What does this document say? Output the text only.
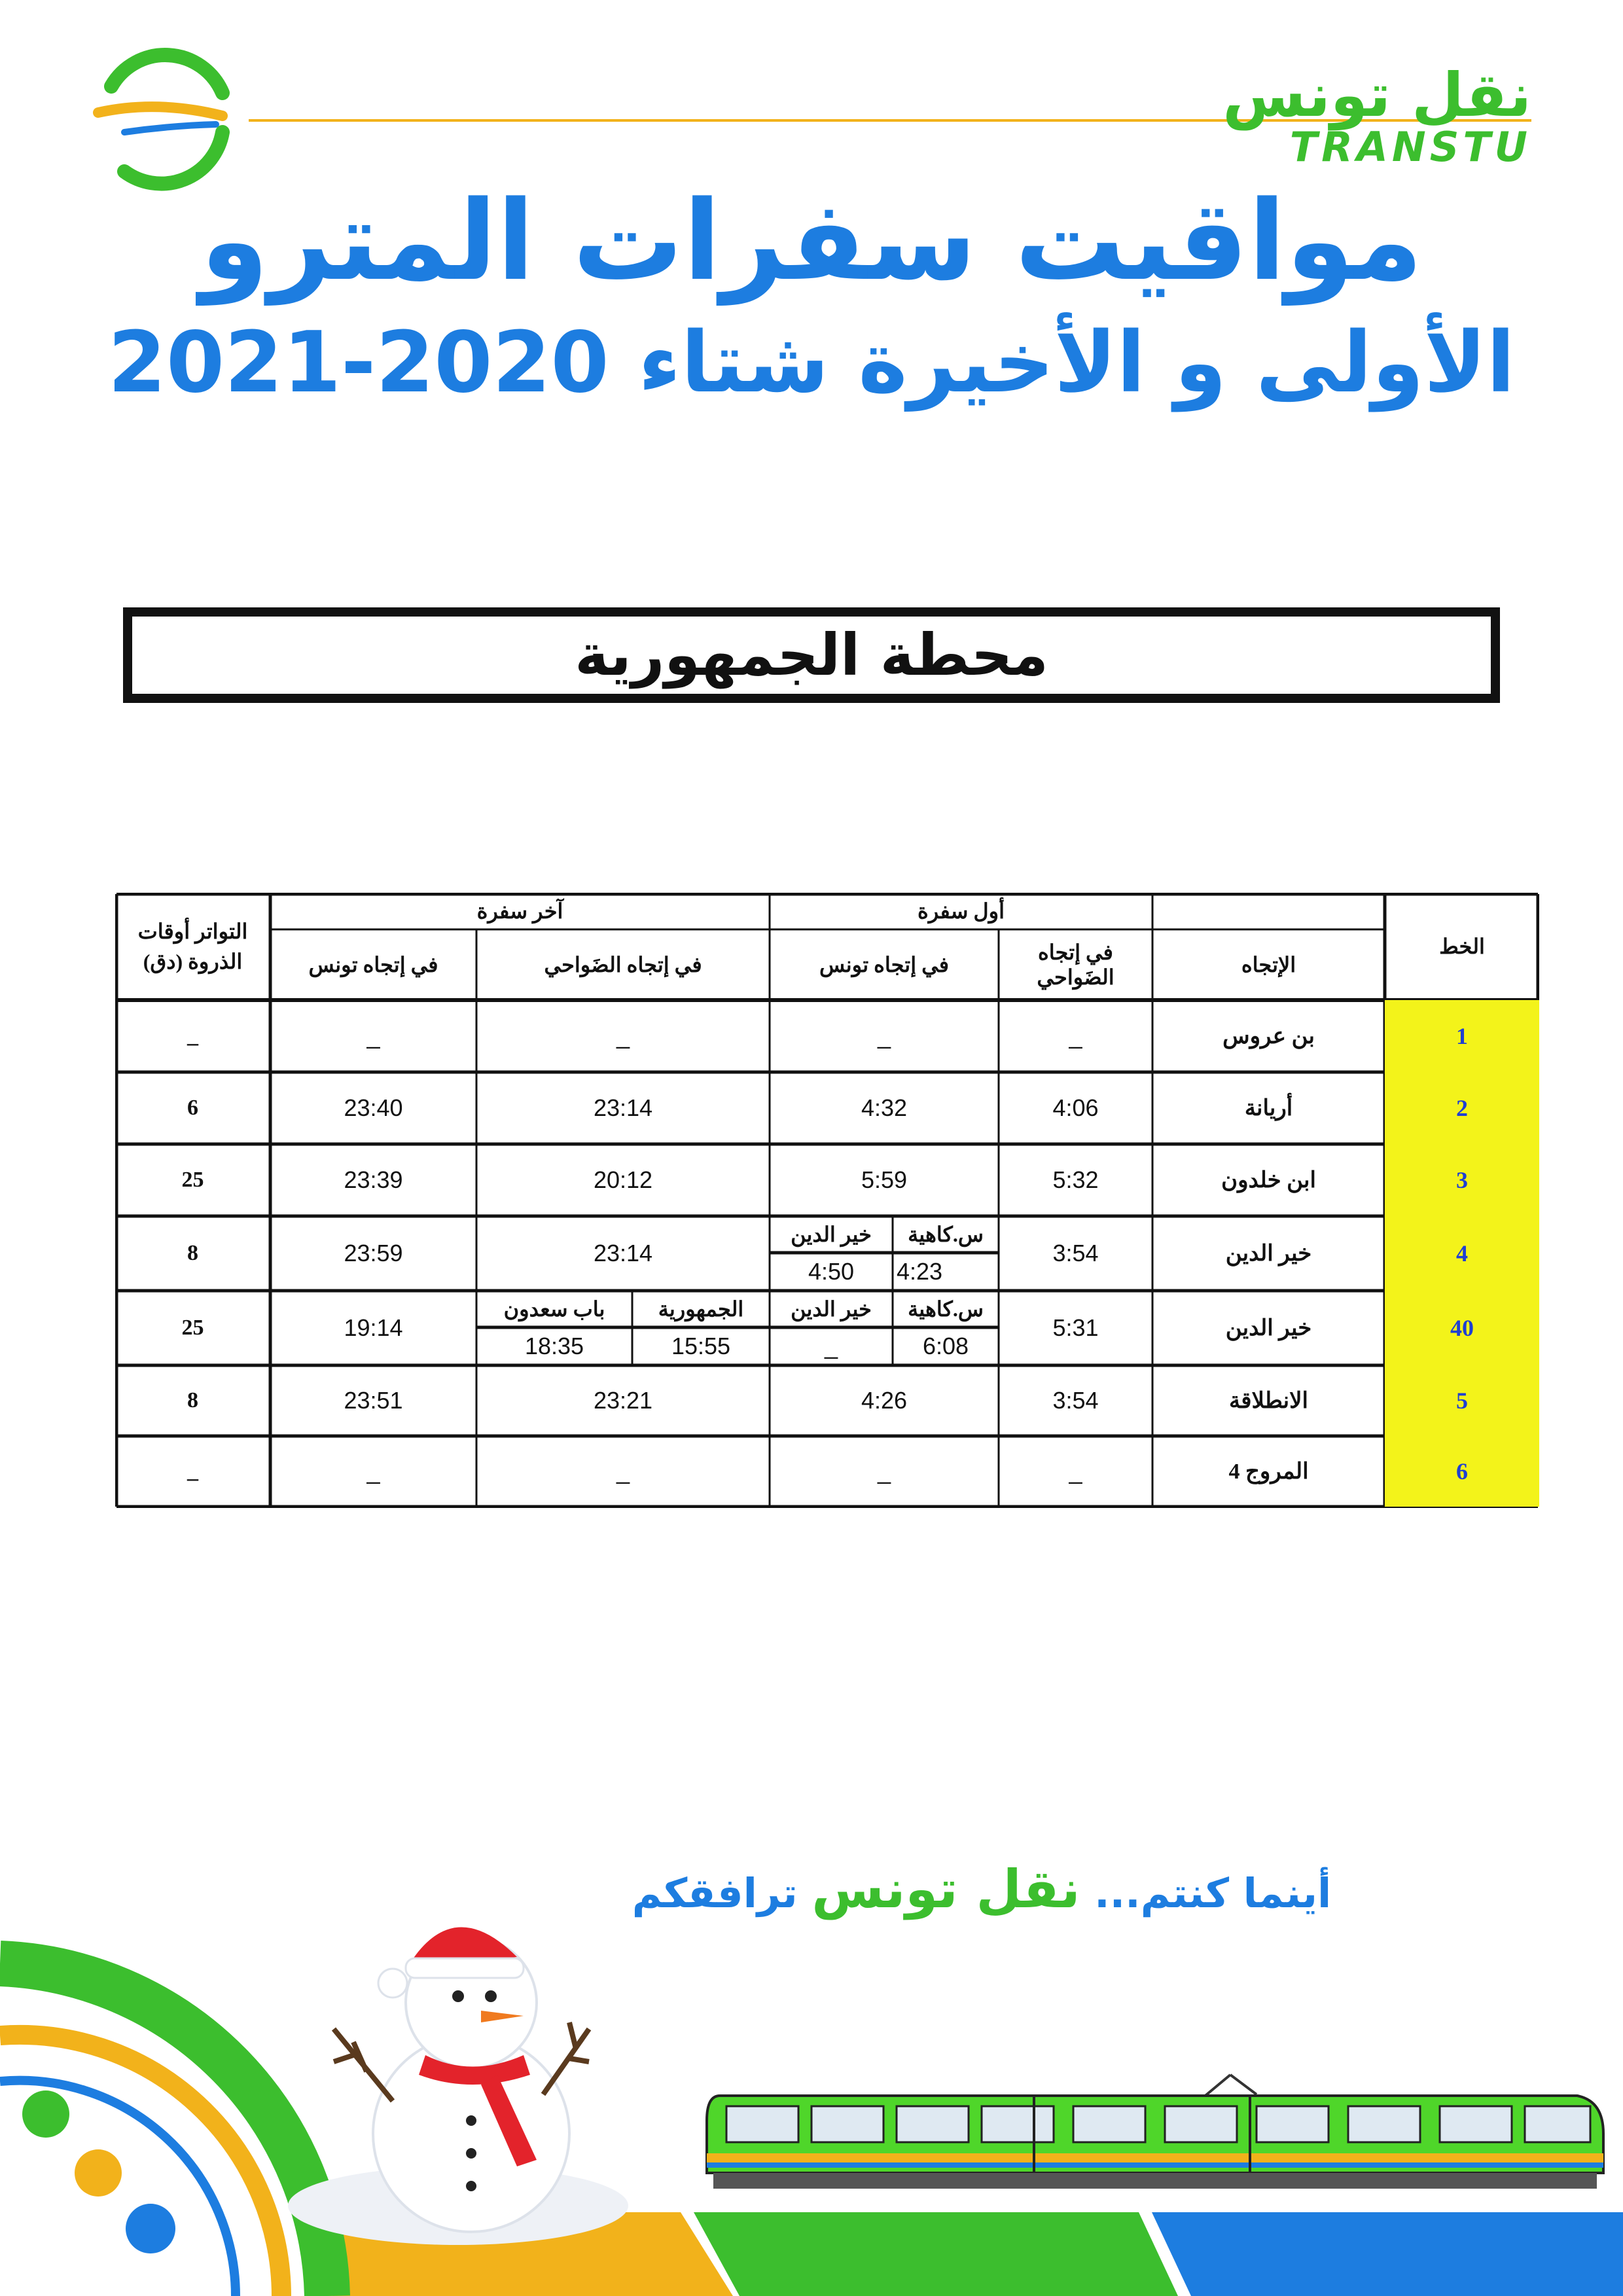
نقل تونس
TRANSTU
مواقيت سفرات المترو
الأولى و الأخيرة شتاء 2020-2021
محطة الجمهورية
الخط
الإتجاه
أول سفرة
آخر سفرة
في إتجاه الضَواحي
في إتجاه تونس
في إتجاه الضَواحي
في إتجاه تونس
التواتر أوقات الذروة (دق)
1
بن عروس
_
_
_
_
_
2
أريانة
4:06
4:32
23:14
23:40
6
3
ابن خلدون
5:32
5:59
20:12
23:39
25
4
خير الدين
3:54
س.كاهية
خير الدين
4:23
4:50
23:14
23:59
8
40
خير الدين
5:31
س.كاهية
خير الدين
6:08
_
الجمهورية
باب سعدون
15:55
18:35
19:14
25
5
الانطلاقة
3:54
4:26
23:21
23:51
8
6
المروج 4
_
_
_
_
_
أينما كنتم... نقل تونس ترافقكم
